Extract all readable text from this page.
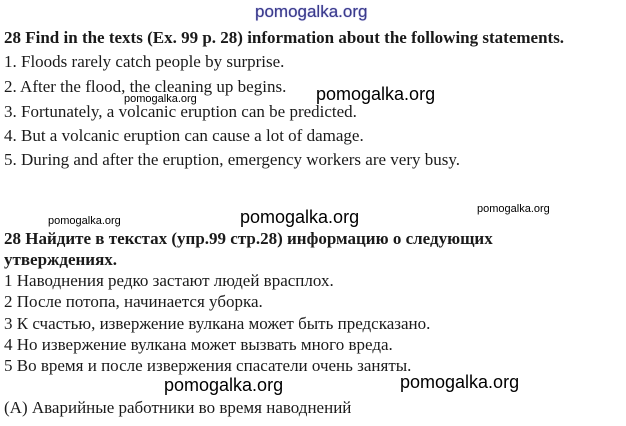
pomogalka.org
28 Find in the texts (Ex. 99 p. 28) information about the following statements.
1. Floods rarely catch people by surprise.
2. After the flood, the cleaning up begins.
3. Fortunately, a volcanic eruption can be predicted.
4. But a volcanic eruption can cause a lot of damage.
5. During and after the eruption, emergency workers are very busy.
pomogalka.org	pomogalka.org
pomogalka.org	pomogalka.org	pomogalka.org
28 Найдите в текстах (упр.99 стр.28) информацию о следующих
утверждениях.
1 Наводнения редко застают людей врасплох.
2 После потопа, начинается уборка.
3 К счастью, извержение вулкана может быть предсказано.
4 Но извержение вулкана может вызвать много вреда.
5 Во время и после извержения спасатели очень заняты.
pomogalka.org	pomogalka.org
(A) Аварийные работники во время наводнений
